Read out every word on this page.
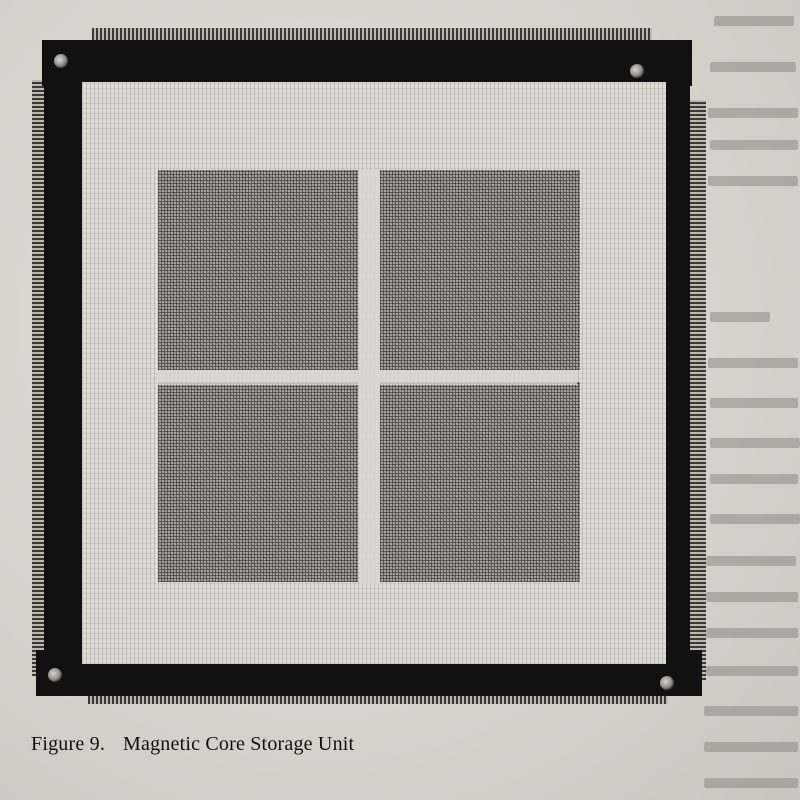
Figure 9. Magnetic Core Storage Unit
